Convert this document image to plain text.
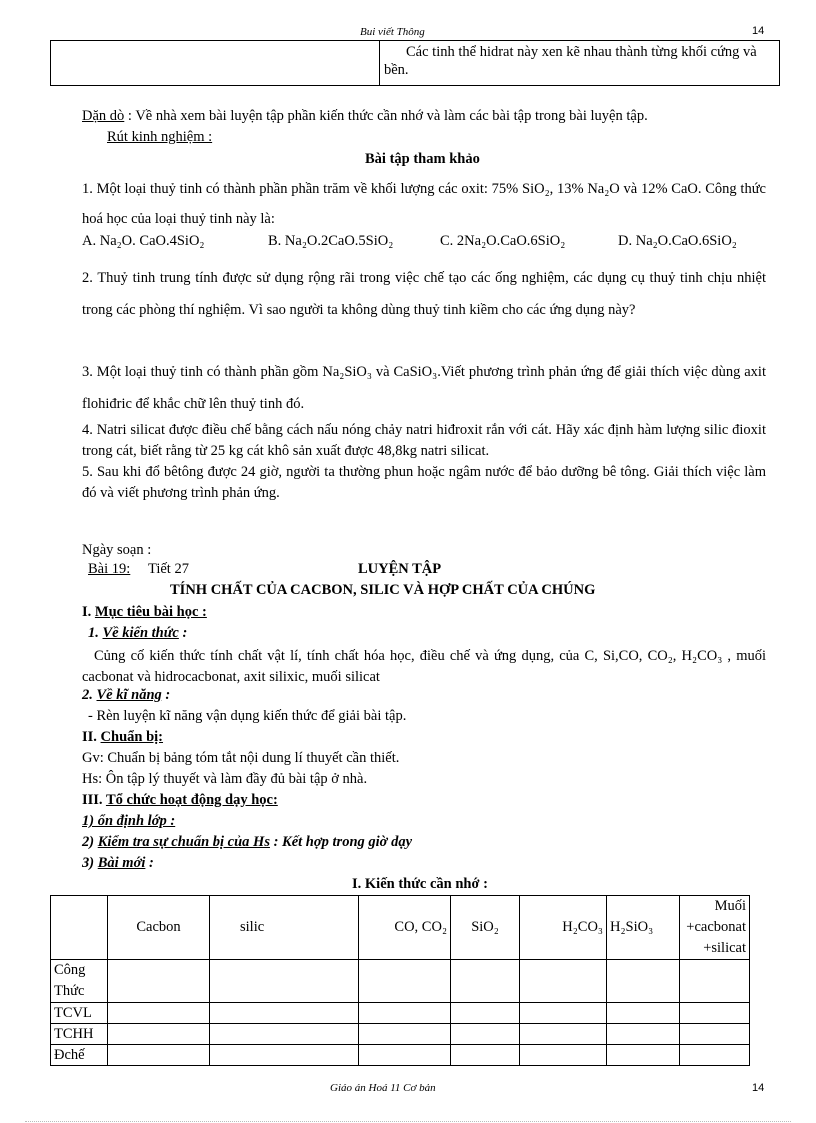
Bui viết Thông	14

Các tinh thể hidrat này xen kẽ nhau thành từng khối cứng và bền.
Dặn dò : Về nhà xem bài luyện tập phần kiến thức cần nhớ và làm các bài tập trong bài luyện tập.
Rút kinh nghiệm :
Bài tập tham khảo
1. Một loại thuỷ tinh có thành phần phần trăm về khối lượng các oxit: 75% SiO₂, 13% Na₂O và 12% CaO. Công thức hoá học của loại thuỷ tinh này là:
A. Na₂O. CaO.4SiO₂	B. Na₂O.2CaO.5SiO₂	C. 2Na₂O.CaO.6SiO₂	D. Na₂O.CaO.6SiO₂
2. Thuỷ tinh trung tính được sử dụng rộng rãi trong việc chế tạo các ống nghiệm, các dụng cụ thuỷ tinh chịu nhiệt trong các phòng thí nghiệm. Vì sao người ta không dùng thuỷ tinh kiềm cho các ứng dụng này?
3. Một loại thuỷ tinh có thành phần gồm Na₂SiO₃ và CaSiO₃.Viết phương trình phản ứng để giải thích việc dùng axit flohiđric để khắc chữ lên thuỷ tinh đó.
4. Natri silicat được điều chế bằng cách nấu nóng chảy natri hiđroxit rắn với cát. Hãy xác định hàm lượng silic đioxit trong cát, biết rằng từ 25 kg cát khô sản xuất được 48,8kg natri silicat.
5. Sau khi đổ bêtông được 24 giờ, người ta thường phun hoặc ngâm nước để bảo dưỡng bê tông. Giải thích việc làm đó và viết phương trình phản ứng.
Ngày soạn :
Bài 19: Tiết 27	LUYỆN TẬP
TÍNH CHẤT CỦA CACBON, SILIC VÀ HỢP CHẤT CỦA CHÚNG
I. Mục tiêu bài học :
1. Về kiến thức :
Củng cố kiến thức tính chất vật lí, tính chất hóa học, điều chế và ứng dụng, của C, Si,CO, CO₂, H₂CO₃ , muối cacbonat và hidrocacbonat, axit silixic, muối silicat
2. Về kĩ năng :
- Rèn luyện kĩ năng vận dụng kiến thức để giải bài tập.
II. Chuẩn bị:
Gv: Chuẩn bị bảng tóm tắt nội dung lí thuyết cần thiết.
Hs: Ôn tập lý thuyết và làm đầy đủ bài tập ở nhà.
III. Tổ chức hoạt động dạy học:
1) ổn định lớp :
2) Kiểm tra sự chuẩn bị của Hs : Kết hợp trong giờ dạy
3) Bài mới :
I. Kiến thức cần nhớ :
	Cacbon	silic	CO, CO₂	SiO₂	H₂CO₃	H₂SiO₃	Muối +cacbonat +silicat
Công Thức							
TCVL							
TCHH							
Đchế							
Giáo án Hoá 11 Cơ bản	14
